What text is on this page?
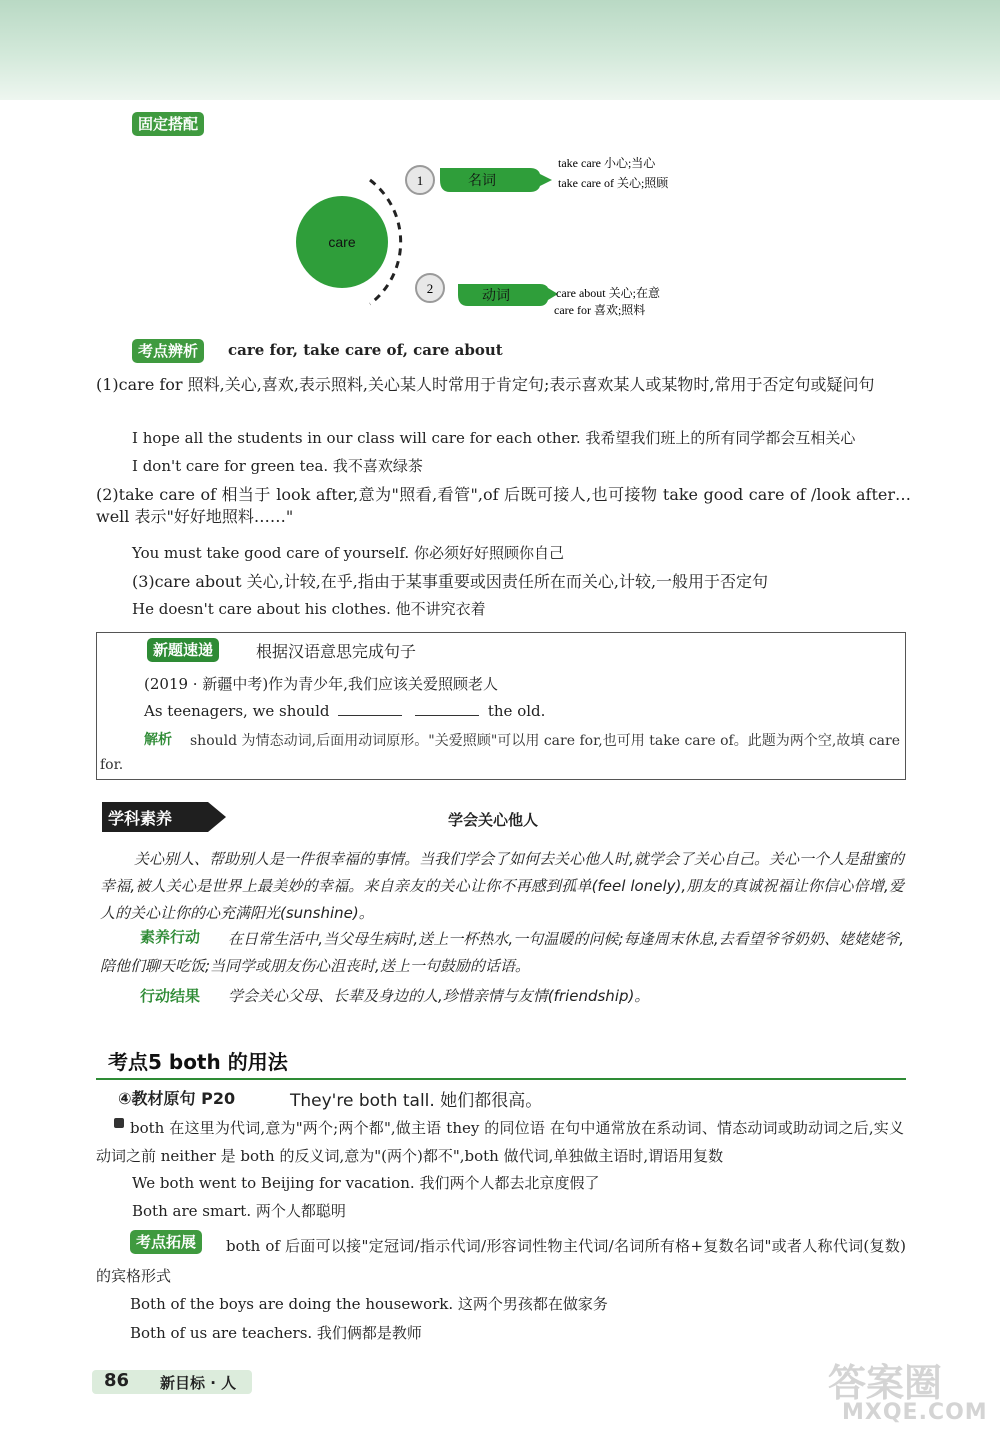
固定搭配
care
1	名词
take care 小心;当心
take care of 关心;照顾
2	动词	care about 关心;在意
care for 喜欢;照料
考点辨析	care for, take care of, care about
(1)care for 照料,关心,喜欢,表示照料,关心某人时常用于肯定句;表示喜欢某人或某物时,常用于否定句或疑问句
I hope all the students in our class will care for each other. 我希望我们班上的所有同学都会互相关心
I don't care for green tea. 我不喜欢绿茶
(2)take care of 相当于 look after,意为"照看,看管",of 后既可接人,也可接物 take good care of /look after…well 表示"好好地照料……"
You must take good care of yourself. 你必须好好照顾你自己
(3)care about 关心,计较,在乎,指由于某事重要或因责任所在而关心,计较,一般用于否定句
He doesn't care about his clothes. 他不讲究衣着
新题速递	根据汉语意思完成句子
(2019 · 新疆中考)作为青少年,我们应该关爱照顾老人
As teenagers, we should	the old.
解析	should 为情态动词,后面用动词原形。"关爱照顾"可以用 care for,也可用 take care of。此题为两个空,故填 care for.
学科素养	学会关心他人
关心别人、帮助别人是一件很幸福的事情。当我们学会了如何去关心他人时,就学会了关心自己。关心一个人是甜蜜的幸福,被人关心是世界上最美妙的幸福。来自亲友的关心让你不再感到孤单(feel lonely),朋友的真诚祝福让你信心倍增,爱人的关心让你的心充满阳光(sunshine)。
素养行动	在日常生活中,当父母生病时,送上一杯热水,一句温暖的问候;每逢周末休息,去看望爷爷奶奶、姥姥姥爷,陪他们聊天吃饭;当同学或朋友伤心沮丧时,送上一句鼓励的话语。
行动结果 学会关心父母、长辈及身边的人,珍惜亲情与友情(friendship)。
考点5 both 的用法
④教材原句 P20	They're both tall. 她们都很高。
both 在这里为代词,意为"两个;两个都",做主语 they 的同位语 在句中通常放在系动词、情态动词或助动词之后,实义动词之前 neither 是 both 的反义词,意为"(两个)都不",both 做代词,单独做主语时,谓语用复数
We both went to Beijing for vacation. 我们两个人都去北京度假了
Both are smart. 两个人都聪明
考点拓展	both of 后面可以接"定冠词/指示代词/形容词性物主代词/名词所有格+复数名词"或者人称代词(复数)的宾格形式
Both of the boys are doing the housework. 这两个男孩都在做家务
Both of us are teachers. 我们俩都是教师
86 新目标 · 人	答案圈
MXQE.COM
